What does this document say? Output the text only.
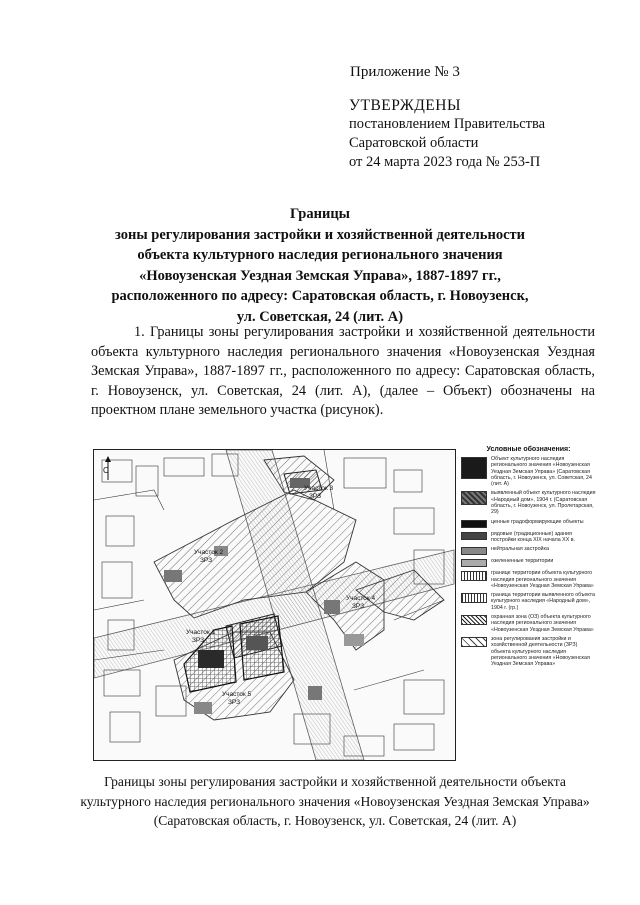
Приложение № 3
УТВЕРЖДЕНЫ
постановлением Правительства
Саратовской области
от 24 марта 2023 года № 253-П
Границы
зоны регулирования застройки и хозяйственной деятельности
объекта культурного наследия регионального значения
«Новоузенская Уездная Земская Управа», 1887-1897 гг.,
расположенного по адресу: Саратовская область, г. Новоузенск,
ул. Советская, 24 (лит. А)

1. Границы зоны регулирования застройки и хозяйственной деятельности объекта культурного наследия регионального значения «Новоузенская Уездная Земская Управа», 1887-1897 гг., расположенного по адресу: Саратовская область, г. Новоузенск, ул. Советская, 24 (лит. А), (далее – Объект) обозначены на проектном плане земельного участка (рисунок).

С
Участок 3
ЗРЗ
Участок 2
ЗРЗ
Участок 4
ЗРЗ
Участок 1
ЗРЗ
Участок 5
ЗРЗ
Условные обозначения:
Объект культурного наследия регионального значения «Новоузенская Уездная Земская Управа» (Саратовская область, г. Новоузенск, ул. Советская, 24 (лит. А)
выявленный объект культурного наследия «Народный дом», 1904 г. (Саратовская область, г. Новоузенск, ул. Пролетарская, 29)
ценные градоформирующие объекты
рядовые (традиционные) здания постройки конца XIX начала XX в.
нейтральная застройка
озелененные территории
границе территории объекта культурного наследия регионального значения «Новоузенская Уездная Земская Управа»
граница территории выявленного объекта культурного наследия «Народный дом», 1904 г. (гр.)
охранная зона (ОЗ) объекта культурного наследия регионального значения «Новоузенская Уездная Земская Управа»
зона регулирования застройки и хозяйственной деятельности (ЗРЗ) объекта культурного наследия регионального значения «Новоузенская Уездная Земская Управа»
Границы зоны регулирования застройки и хозяйственной деятельности объекта
культурного наследия регионального значения «Новоузенская Уездная Земская Управа»
(Саратовская область, г. Новоузенск, ул. Советская, 24 (лит. А)
